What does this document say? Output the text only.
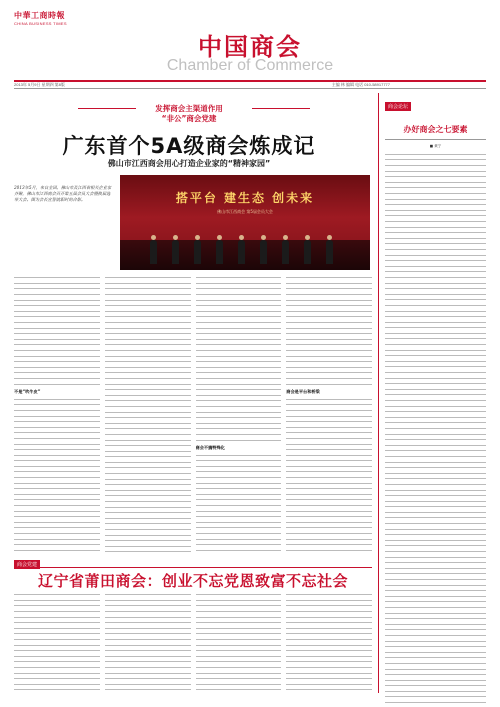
中華工商時報
CHINA BUSINESS TIMES
中国商会
Chamber of Commerce
2013年 5月9日 星期四 第8版	主编 林 编辑 电话 010-58917777
发挥商会主渠道作用
“非公”商会党建
广东首个5A级商会炼成记
佛山市江西商会用心打造企业家的“精神家园”
2013年5月，来自全国、佛山市及江西省相关企业家齐聚，佛山市江西商会召开第五届会员大会暨换届选举大会。图为会长宣誓就职时的合影。	搭平台 建生态 创未来
佛山市江西商会 第5届会员大会
不是“吹牛皮”
商会不搞特殊化
商会是平台和桥梁
商会党建
辽宁省莆田商会：创业不忘党恩致富不忘社会
商会论坛
办好商会之七要素
■ 黄宁
